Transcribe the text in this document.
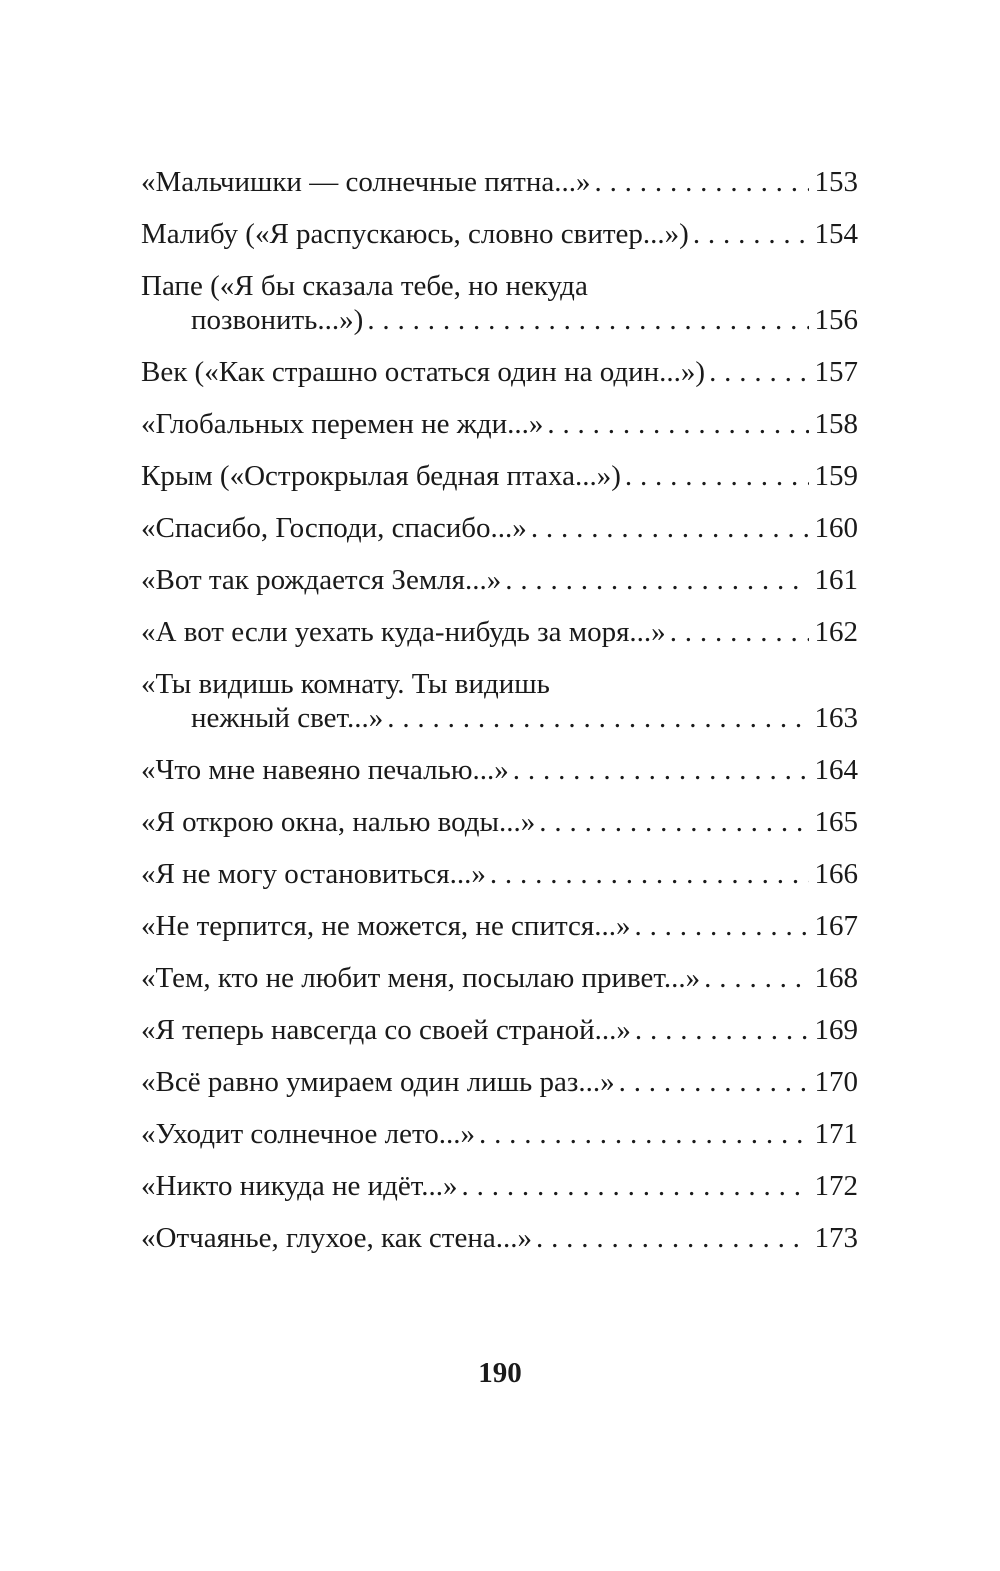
«Мальчишки — солнечные пятна...» . . .	153
Малибу («Я распускаюсь, словно свитер...») . . .	154
Папе («Я бы сказала тебе, но некуда
позвонить...») . . .	156
Век («Как страшно остаться один на один...») . . .	157
«Глобальных перемен не жди...» . . .	158
Крым («Острокрылая бедная птаха...») . . .	159
«Спасибо, Господи, спасибо...» . . .	160
«Вот так рождается Земля...» . . .	161
«А вот если уехать куда-нибудь за моря...» . . .	162
«Ты видишь комнату. Ты видишь
нежный свет...» . . .	163
«Что мне навеяно печалью...» . . .	164
«Я открою окна, налью воды...» . . .	165
«Я не могу остановиться...» . . .	166
«Не терпится, не можется, не спится...» . . .	167
«Тем, кто не любит меня, посылаю привет...» . . .	168
«Я теперь навсегда со своей страной...» . . .	169
«Всё равно умираем один лишь раз...» . . .	170
«Уходит солнечное лето...» . . .	171
«Никто никуда не идёт...» . . .	172
«Отчаянье, глухое, как стена...» . . .	173
190
